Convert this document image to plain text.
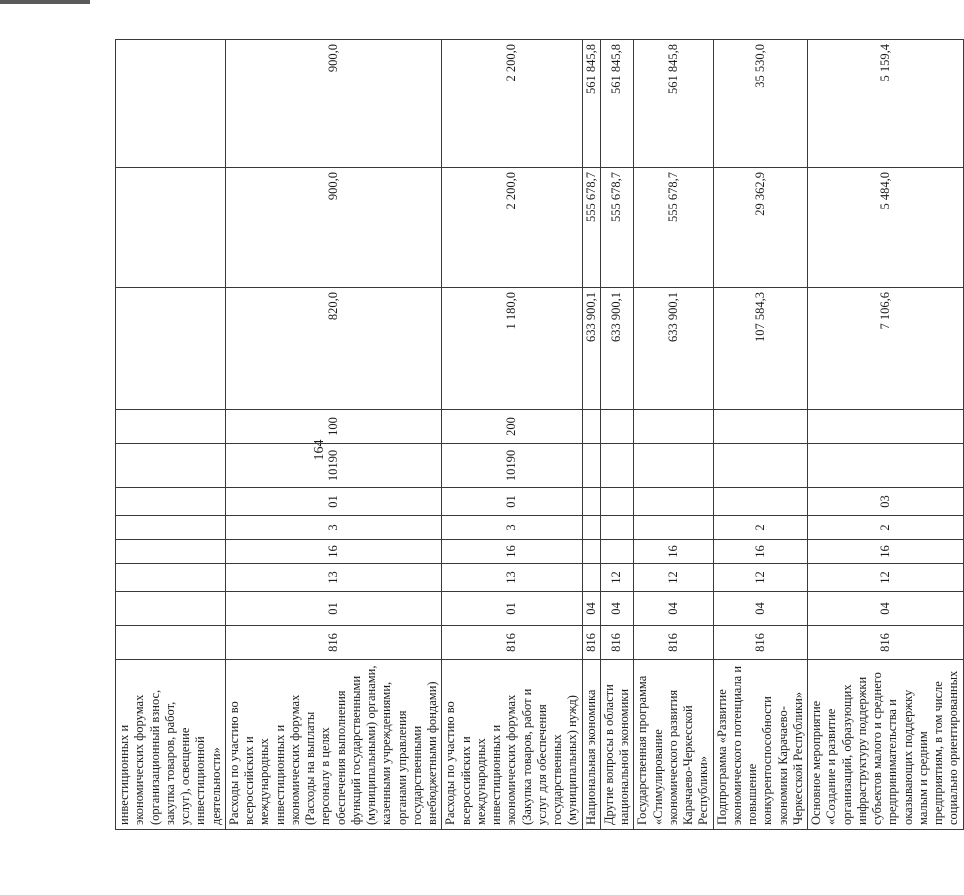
164
инвестиционных и экономических форумах (организационный взнос, закупка товаров, работ, услуг), освещение инвестиционной деятельности»											
Расходы по участию во всероссийских и международных инвестиционных и экономических форумах (Расходы на выплаты персоналу в целях обеспечения выполнения функций государственными (муниципальными) органами, казенными учреждениями, органами управления государственными внебюджетными фондами)	816	01	13	16	3	01	10190	100	820,0	900,0	900,0
Расходы по участию во всероссийских и международных инвестиционных и экономических форумах (Закупка товаров, работ и услуг для обеспечения государственных (муниципальных) нужд)	816	01	13	16	3	01	10190	200	1 180,0	2 200,0	2 200,0
Национальная экономика	816	04							633 900,1	555 678,7	561 845,8
Другие вопросы в области национальной экономики	816	04	12						633 900,1	555 678,7	561 845,8
Государственная программа «Стимулирование экономического развития Карачаево-Черкесской Республики»	816	04	12	16					633 900,1	555 678,7	561 845,8
Подпрограмма «Развитие экономического потенциала и повышение конкурентоспособности экономики Карачаево-Черкесской Республики»	816	04	12	16	2				107 584,3	29 362,9	35 530,0
Основное мероприятие «Создание и развитие организаций, образующих инфраструктуру поддержки субъектов малого и среднего предпринимательства и оказывающих поддержку малым и средним предприятиям, в том числе социально ориентированных	816	04	12	16	2	03			7 106,6	5 484,0	5 159,4
